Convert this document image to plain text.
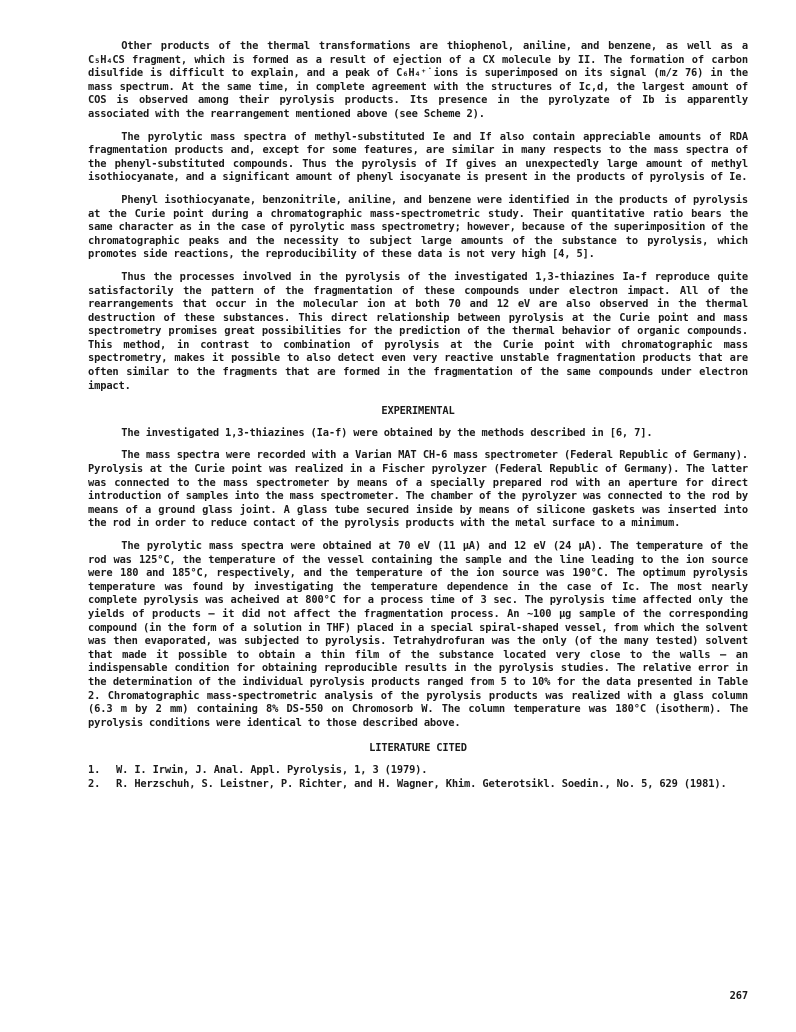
Other products of the thermal transformations are thiophenol, aniline, and benzene, as well as a C₅H₄CS fragment, which is formed as a result of ejection of a CX molecule by II. The formation of carbon disulfide is difficult to explain, and a peak of C₆H₄⁺̇ ions is superimposed on its signal (m/z 76) in the mass spectrum. At the same time, in complete agreement with the structures of Ic,d, the largest amount of COS is observed among their pyrolysis products. Its presence in the pyrolyzate of Ib is apparently associated with the rearrangement mentioned above (see Scheme 2).

The pyrolytic mass spectra of methyl-substituted Ie and If also contain appreciable amounts of RDA fragmentation products and, except for some features, are similar in many respects to the mass spectra of the phenyl-substituted compounds. Thus the pyrolysis of If gives an unexpectedly large amount of methyl isothiocyanate, and a significant amount of phenyl isocyanate is present in the products of pyrolysis of Ie.

Phenyl isothiocyanate, benzonitrile, aniline, and benzene were identified in the products of pyrolysis at the Curie point during a chromatographic mass-spectrometric study. Their quantitative ratio bears the same character as in the case of pyrolytic mass spectrometry; however, because of the superimposition of the chromatographic peaks and the necessity to subject large amounts of the substance to pyrolysis, which promotes side reactions, the reproducibility of these data is not very high [4, 5].

Thus the processes involved in the pyrolysis of the investigated 1,3-thiazines Ia-f reproduce quite satisfactorily the pattern of the fragmentation of these compounds under electron impact. All of the rearrangements that occur in the molecular ion at both 70 and 12 eV are also observed in the thermal destruction of these substances. This direct relationship between pyrolysis at the Curie point and mass spectrometry promises great possibilities for the prediction of the thermal behavior of organic compounds. This method, in contrast to combination of pyrolysis at the Curie point with chromatographic mass spectrometry, makes it possible to also detect even very reactive unstable fragmentation products that are often similar to the fragments that are formed in the fragmentation of the same compounds under electron impact.

EXPERIMENTAL

The investigated 1,3-thiazines (Ia-f) were obtained by the methods described in [6, 7].

The mass spectra were recorded with a Varian MAT CH-6 mass spectrometer (Federal Republic of Germany). Pyrolysis at the Curie point was realized in a Fischer pyrolyzer (Federal Republic of Germany). The latter was connected to the mass spectrometer by means of a specially prepared rod with an aperture for direct introduction of samples into the mass spectrometer. The chamber of the pyrolyzer was connected to the rod by means of a ground glass joint. A glass tube secured inside by means of silicone gaskets was inserted into the rod in order to reduce contact of the pyrolysis products with the metal surface to a minimum.

The pyrolytic mass spectra were obtained at 70 eV (11 μA) and 12 eV (24 μA). The temperature of the rod was 125°C, the temperature of the vessel containing the sample and the line leading to the ion source were 180 and 185°C, respectively, and the temperature of the ion source was 190°C. The optimum pyrolysis temperature was found by investigating the temperature dependence in the case of Ic. The most nearly complete pyrolysis was acheived at 800°C for a process time of 3 sec. The pyrolysis time affected only the yields of products — it did not affect the fragmentation process. An ∼100 μg sample of the corresponding compound (in the form of a solution in THF) placed in a special spiral-shaped vessel, from which the solvent was then evaporated, was subjected to pyrolysis. Tetrahydrofuran was the only (of the many tested) solvent that made it possible to obtain a thin film of the substance located very close to the walls — an indispensable condition for obtaining reproducible results in the pyrolysis studies. The relative error in the determination of the individual pyrolysis products ranged from 5 to 10% for the data presented in Table 2. Chromatographic mass-spectrometric analysis of the pyrolysis products was realized with a glass column (6.3 m by 2 mm) containing 8% DS-550 on Chromosorb W. The column temperature was 180°C (isotherm). The pyrolysis conditions were identical to those described above.

LITERATURE CITED
1.	W. I. Irwin, J. Anal. Appl. Pyrolysis, 1, 3 (1979).
2.	R. Herzschuh, S. Leistner, P. Richter, and H. Wagner, Khim. Geterotsikl. Soedin., No. 5, 629 (1981).
267
